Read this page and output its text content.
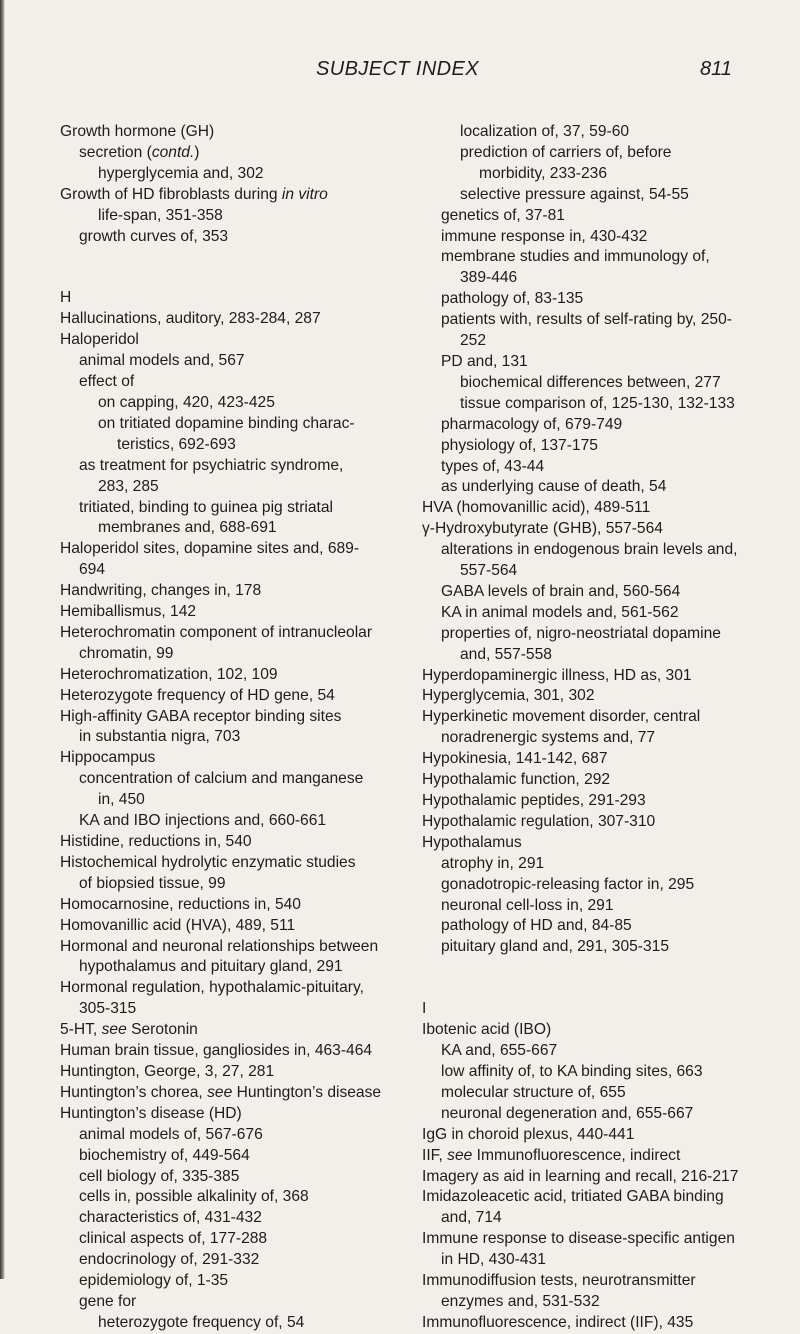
SUBJECT INDEX	811
Growth hormone (GH)
secretion (contd.)
hyperglycemia and, 302
Growth of HD fibroblasts during in vitro
life-span, 351-358
growth curves of, 353
H
Hallucinations, auditory, 283-284, 287
Haloperidol
animal models and, 567
effect of
on capping, 420, 423-425
on tritiated dopamine binding charac-
teristics, 692-693
as treatment for psychiatric syndrome,
283, 285
tritiated, binding to guinea pig striatal
membranes and, 688-691
Haloperidol sites, dopamine sites and, 689-
694
Handwriting, changes in, 178
Hemiballismus, 142
Heterochromatin component of intranucleolar
chromatin, 99
Heterochromatization, 102, 109
Heterozygote frequency of HD gene, 54
High-affinity GABA receptor binding sites
in substantia nigra, 703
Hippocampus
concentration of calcium and manganese
in, 450
KA and IBO injections and, 660-661
Histidine, reductions in, 540
Histochemical hydrolytic enzymatic studies
of biopsied tissue, 99
Homocarnosine, reductions in, 540
Homovanillic acid (HVA), 489, 511
Hormonal and neuronal relationships between
hypothalamus and pituitary gland, 291
Hormonal regulation, hypothalamic-pituitary,
305-315
5-HT, see Serotonin
Human brain tissue, gangliosides in, 463-464
Huntington, George, 3, 27, 281
Huntington’s chorea, see Huntington’s disease
Huntington’s disease (HD)
animal models of, 567-676
biochemistry of, 449-564
cell biology of, 335-385
cells in, possible alkalinity of, 368
characteristics of, 431-432
clinical aspects of, 177-288
endocrinology of, 291-332
epidemiology of, 1-35
gene for
heterozygote frequency of, 54
localization of, 37, 59-60
prediction of carriers of, before
morbidity, 233-236
selective pressure against, 54-55
genetics of, 37-81
immune response in, 430-432
membrane studies and immunology of,
389-446
pathology of, 83-135
patients with, results of self-rating by, 250-
252
PD and, 131
biochemical differences between, 277
tissue comparison of, 125-130, 132-133
pharmacology of, 679-749
physiology of, 137-175
types of, 43-44
as underlying cause of death, 54
HVA (homovanillic acid), 489-511
γ-Hydroxybutyrate (GHB), 557-564
alterations in endogenous brain levels and,
557-564
GABA levels of brain and, 560-564
KA in animal models and, 561-562
properties of, nigro-neostriatal dopamine
and, 557-558
Hyperdopaminergic illness, HD as, 301
Hyperglycemia, 301, 302
Hyperkinetic movement disorder, central
noradrenergic systems and, 77
Hypokinesia, 141-142, 687
Hypothalamic function, 292
Hypothalamic peptides, 291-293
Hypothalamic regulation, 307-310
Hypothalamus
atrophy in, 291
gonadotropic-releasing factor in, 295
neuronal cell-loss in, 291
pathology of HD and, 84-85
pituitary gland and, 291, 305-315
I
Ibotenic acid (IBO)
KA and, 655-667
low affinity of, to KA binding sites, 663
molecular structure of, 655
neuronal degeneration and, 655-667
IgG in choroid plexus, 440-441
IIF, see Immunofluorescence, indirect
Imagery as aid in learning and recall, 216-217
Imidazoleacetic acid, tritiated GABA binding
and, 714
Immune response to disease-specific antigen
in HD, 430-431
Immunodiffusion tests, neurotransmitter
enzymes and, 531-532
Immunofluorescence, indirect (IIF), 435
